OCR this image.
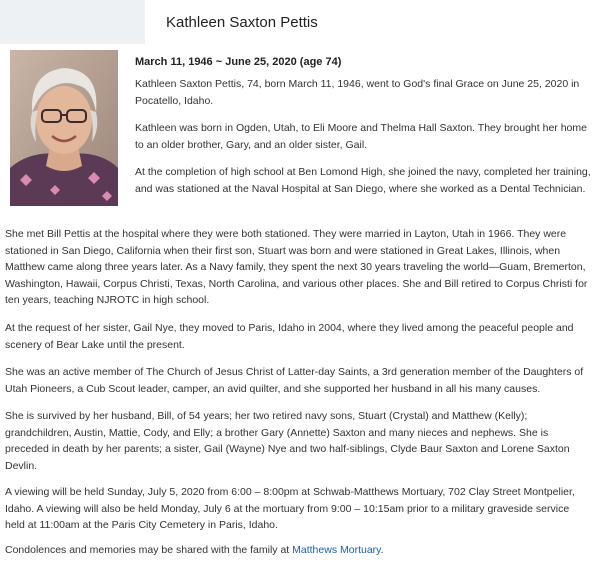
Kathleen Saxton Pettis
March 11, 1946 ~ June 25, 2020 (age 74)

Kathleen Saxton Pettis, 74, born March 11, 1946, went to God's final Grace on June 25, 2020 in Pocatello, Idaho.

Kathleen was born in Ogden, Utah, to Eli Moore and Thelma Hall Saxton. They brought her home to an older brother, Gary, and an older sister, Gail.

At the completion of high school at Ben Lomond High, she joined the navy, completed her training, and was stationed at the Naval Hospital at San Diego, where she worked as a Dental Technician.

She met Bill Pettis at the hospital where they were both stationed. They were married in Layton, Utah in 1966. They were stationed in San Diego, California when their first son, Stuart was born and were stationed in Great Lakes, Illinois, when Matthew came along three years later. As a Navy family, they spent the next 30 years traveling the world—Guam, Bremerton, Washington, Hawaii, Corpus Christi, Texas, North Carolina, and various other places. She and Bill retired to Corpus Christi for ten years, teaching NJROTC in high school.

At the request of her sister, Gail Nye, they moved to Paris, Idaho in 2004, where they lived among the peaceful people and scenery of Bear Lake until the present.

She was an active member of The Church of Jesus Christ of Latter-day Saints, a 3rd generation member of the Daughters of Utah Pioneers, a Cub Scout leader, camper, an avid quilter, and she supported her husband in all his many causes.

She is survived by her husband, Bill, of 54 years; her two retired navy sons, Stuart (Crystal) and Matthew (Kelly); grandchildren, Austin, Mattie, Cody, and Elly; a brother Gary (Annette) Saxton and many nieces and nephews. She is preceded in death by her parents; a sister, Gail (Wayne) Nye and two half-siblings, Clyde Baur Saxton and Lorene Saxton Devlin.

A viewing will be held Sunday, July 5, 2020 from 6:00 – 8:00pm at Schwab-Matthews Mortuary, 702 Clay Street Montpelier, Idaho. A viewing will also be held Monday, July 6 at the mortuary from 9:00 – 10:15am prior to a military graveside service held at 11:00am at the Paris City Cemetery in Paris, Idaho.

Condolences and memories may be shared with the family at Matthews Mortuary.
